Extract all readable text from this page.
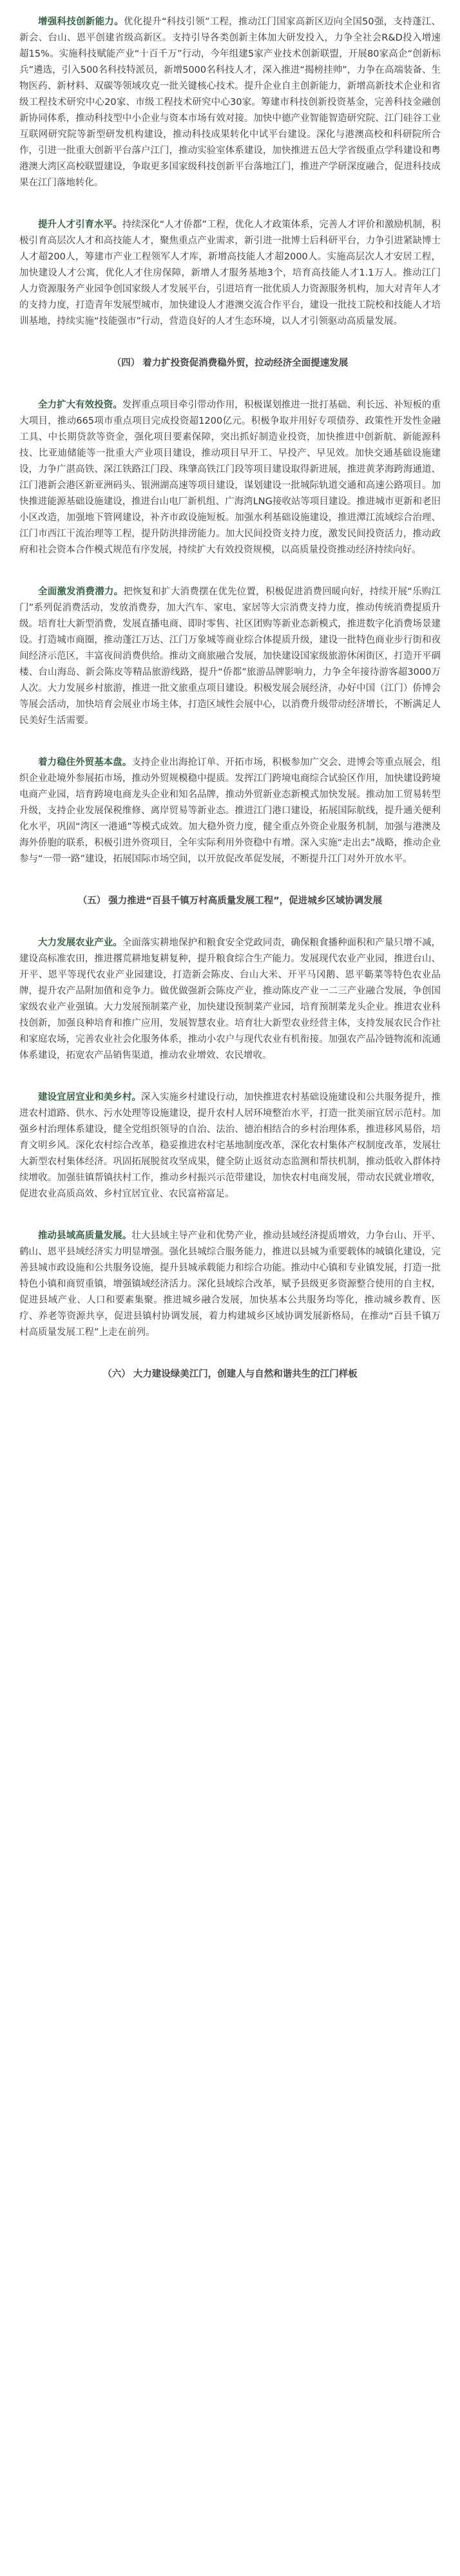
增强科技创新能力。优化提升“科技引领”工程，推动江门国家高新区迈向全国50强，支持蓬江、新会、台山、恩平创建省级高新区。支持引导各类创新主体加大研发投入，力争全社会R&D投入增速超15%。实施科技赋能产业“十百千万”行动，今年组建5家产业技术创新联盟，开展80家高企“创新标兵”遴选，引入500名科技特派员，新增5000名科技人才，深入推进“揭榜挂帅”，力争在高端装备、生物医药、新材料、双碳等领域攻克一批关键核心技术。提升企业自主创新能力，新增高新技术企业和省级工程技术研究中心20家、市级工程技术研究中心30家。筹建市科技创新投资基金，完善科技金融创新协同体系，推动科技型中小企业与资本市场有效对接。加快中德产业智能智造研究院、江门硅谷工业互联网研究院等新型研发机构建设，推动科技成果转化中试平台建设。深化与港澳高校和科研院所合作，引进一批重大创新平台落户江门，推动实验室体系建设，加快推进五邑大学省级重点学科建设和粤港澳大湾区高校联盟建设，争取更多国家级科技创新平台落地江门，推进产学研深度融合，促进科技成果在江门落地转化。

提升人才引育水平。持续深化“人才侨都”工程，优化人才政策体系，完善人才评价和激励机制，积极引育高层次人才和高技能人才，聚焦重点产业需求，新引进一批博士后科研平台，力争引进紧缺博士人才超200人，筹建市产业工程领军人才库，新增高技能人才超2000人。实施高层次人才安居工程，加快建设人才公寓，优化人才住房保障，新增人才服务基地3个，培育高技能人才1.1万人。推动江门人力资源服务产业园争创国家级人才发展平台，引进培育一批优质人力资源服务机构，加大对青年人才的支持力度，打造青年发展型城市，加快建设人才港澳交流合作平台，建设一批技工院校和技能人才培训基地，持续实施“技能强市”行动，营造良好的人才生态环境，以人才引领驱动高质量发展。

（四） 着力扩投资促消费稳外贸，拉动经济全面提速发展

全力扩大有效投资。发挥重点项目牵引带动作用，积极谋划推进一批打基础、利长远、补短板的重大项目，推动665项市重点项目完成投资超1200亿元。积极争取并用好专项债券、政策性开发性金融工具、中长期贷款等资金，强化项目要素保障，突出抓好制造业投资，加快推进中创新航、新能源科技、比亚迪储能等一批重大产业项目建设，推动项目早开工、早投产、早见效。加快交通基础设施建设，力争广湛高铁、深江铁路江门段、珠肇高铁江门段等项目建设取得新进展，推进黄茅海跨海通道、江门港新会港区新亚洲码头、银洲湖高速等项目建设，谋划建设一批城际轨道交通和高速公路项目。加快推进能源基础设施建设，推进台山电厂新机组、广海湾LNG接收站等项目建设。推进城市更新和老旧小区改造，加强地下管网建设，补齐市政设施短板。加强水利基础设施建设，推进潭江流域综合治理、江门市西江干流治理等工程，提升防洪排涝能力。加大民间投资支持力度，激发民间投资活力，推动政府和社会资本合作模式规范有序发展，持续扩大有效投资规模，以高质量投资推动经济持续向好。

全面激发消费潜力。把恢复和扩大消费摆在优先位置，积极促进消费回暖向好，持续开展“乐购江门”系列促消费活动，发放消费券，加大汽车、家电、家居等大宗消费支持力度，推动传统消费提质升级。培育壮大新型消费，发展直播电商、即时零售、社区团购等新业态新模式，推进数字化消费场景建设。打造城市商圈，推动蓬江万达、江门万象城等商业综合体提质升级，建设一批特色商业步行街和夜间经济示范区，丰富夜间消费供给。推动文商旅融合发展，加快建设国家级旅游休闲街区，打造开平碉楼、台山海岛、新会陈皮等精品旅游线路，提升“侨都”旅游品牌影响力，力争全年接待游客超3000万人次。大力发展乡村旅游，推进一批文旅重点项目建设。积极发展会展经济，办好中国（江门）侨博会等展会活动，加快培育会展业市场主体，打造区域性会展中心，以消费升级带动经济增长，不断满足人民美好生活需要。

着力稳住外贸基本盘。支持企业出海抢订单、开拓市场，积极参加广交会、进博会等重点展会，组织企业赴境外参展拓市场，推动外贸规模稳中提质。发挥江门跨境电商综合试验区作用，加快建设跨境电商产业园，培育跨境电商龙头企业和知名品牌，推动外贸新业态新模式加快发展。推动加工贸易转型升级，支持企业发展保税维修、离岸贸易等新业态。推进江门港口建设，拓展国际航线，提升通关便利化水平，巩固“湾区一港通”等模式成效。加大稳外资力度，健全重点外资企业服务机制，加强与港澳及海外侨胞的联系，积极引进外资项目，全年实际利用外资稳中有增。深入实施“走出去”战略，推动企业参与“一带一路”建设，拓展国际市场空间，以开放促改革促发展，不断提升江门对外开放水平。

（五） 强力推进“百县千镇万村高质量发展工程”，促进城乡区域协调发展

大力发展农业产业。全面落实耕地保护和粮食安全党政同责，确保粮食播种面积和产量只增不减，建设高标准农田，推进撂荒耕地复耕复种，提升粮食综合生产能力。发展现代农业产业园，推进台山、开平、恩平等现代农业产业园建设，打造新会陈皮、台山大米、开平马冈鹅、恩平簕菜等特色农业品牌，提升农产品附加值和竞争力。做优做强新会陈皮产业，推动陈皮产业一二三产业融合发展，争创国家级农业产业强镇。大力发展预制菜产业，加快建设预制菜产业园，培育预制菜龙头企业。推进农业科技创新，加强良种培育和推广应用，发展智慧农业。培育壮大新型农业经营主体，支持发展农民合作社和家庭农场，完善农业社会化服务体系，推动小农户与现代农业有机衔接。加强农产品冷链物流和流通体系建设，拓宽农产品销售渠道，推动农业增效、农民增收。

建设宜居宜业和美乡村。深入实施乡村建设行动，加快推进农村基础设施建设和公共服务提升，推进农村道路、供水、污水处理等设施建设，提升农村人居环境整治水平，打造一批美丽宜居示范村。加强乡村治理体系建设，健全党组织领导的自治、法治、德治相结合的乡村治理体系，推进移风易俗，培育文明乡风。深化农村综合改革，稳妥推进农村宅基地制度改革，深化农村集体产权制度改革，发展壮大新型农村集体经济。巩固拓展脱贫攻坚成果，健全防止返贫动态监测和帮扶机制，推动低收入群体持续增收。加强驻镇帮镇扶村工作，推动乡村振兴示范带建设，加快农村电商发展，带动农民就业增收，促进农业高质高效、乡村宜居宜业、农民富裕富足。

推动县域高质量发展。壮大县域主导产业和优势产业，推动县域经济提质增效，力争台山、开平、鹤山、恩平县域经济实力明显增强。强化县城综合服务能力，推进以县城为重要载体的城镇化建设，完善县城市政设施和公共服务设施，提升县城承载能力和综合功能。推动中心镇和专业镇发展，打造一批特色小镇和商贸重镇，增强镇域经济活力。深化县域综合改革，赋予县级更多资源整合使用的自主权，促进县域产业、人口和要素集聚。推进城乡融合发展，加快基本公共服务均等化，推动城乡教育、医疗、养老等资源共享，促进县镇村协调发展，着力构建城乡区域协调发展新格局，在推动“百县千镇万村高质量发展工程”上走在前列。

（六） 大力建设绿美江门，创建人与自然和谐共生的江门样板
